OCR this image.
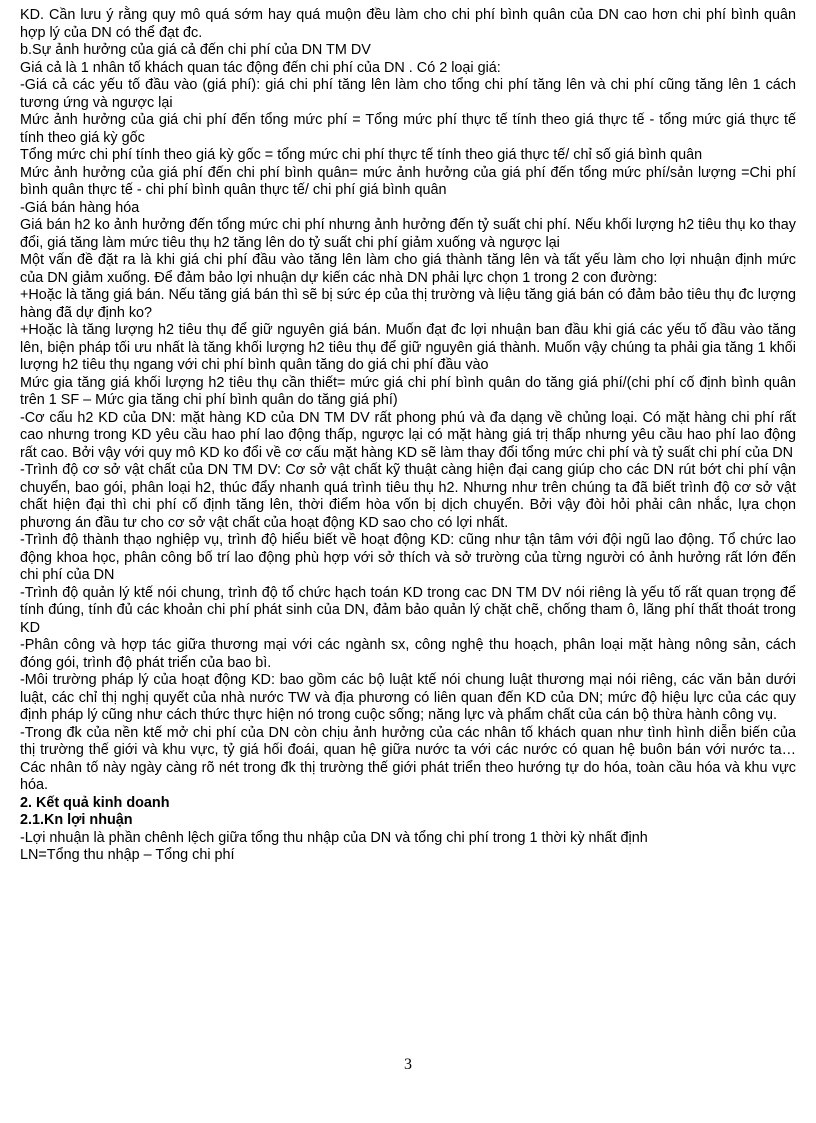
KD. Cần lưu ý rằng quy mô quá sớm hay quá muộn đều làm cho chi phí bình quân của DN cao hơn chi phí bình quân hợp lý của DN có thể đạt đc.

b.Sự ảnh hưởng của giá cả đến chi phí của DN TM DV

Giá cả là 1 nhân tố khách quan tác động đến chi phí của DN . Có 2 loại giá:

-Giá cả các yếu tố đầu vào (giá phí): giá chi phí tăng lên làm cho tổng chi phí tăng lên và chi phí cũng tăng lên 1 cách tương ứng và ngược lại

Mức ảnh hưởng của giá chi phí đến tổng mức phí = Tổng mức phí thực tế tính theo giá thực tế - tổng mức giá thực tế tính theo giá kỳ gốc

Tổng mức chi phí tính theo giá kỳ gốc = tổng mức chi phí thực tế tính theo giá thực tế/ chỉ số giá bình quân

Mức ảnh hưởng của giá phí đến chi phí bình quân= mức ảnh hưởng của giá phí đến tổng mức phí/sản lượng =Chi phí bình quân thực tế - chi phí bình quân thực tế/ chi phí giá bình quân

-Giá bán hàng hóa

Giá bán h2 ko ảnh hưởng đến tổng mức chi phí nhưng ảnh hưởng đến tỷ suất chi phí. Nếu khối lượng h2 tiêu thụ ko thay đổi, giá tăng làm mức tiêu thụ h2 tăng lên do tỷ suất chi phí giảm xuống và ngược lại

Một vấn đề đặt ra là khi giá chi phí đầu vào tăng lên làm cho giá thành tăng lên và tất yếu làm cho lợi nhuận định mức của DN giảm xuống. Để đảm bảo lợi nhuận dự kiến các nhà DN phải lực chọn 1 trong 2 con đường:

+Hoặc là tăng giá bán. Nếu tăng giá bán thì sẽ bị sức ép của thị trường và liệu tăng giá bán có đảm bảo tiêu thụ đc lượng hàng đã dự định ko?

+Hoặc là tăng lượng h2 tiêu thụ để giữ nguyên giá bán. Muốn đạt đc lợi nhuận ban đầu khi giá các yếu tố đầu vào tăng lên, biện pháp tối ưu nhất là tăng khối lượng h2 tiêu thụ để giữ nguyên giá thành. Muốn vậy chúng ta phải gia tăng 1 khối lượng h2 tiêu thụ ngang với chi phí bình quân tăng do giá chi phí đầu vào

Mức gia tăng giá khối lượng h2 tiêu thụ cần thiết= mức giá chi phí bình quân do tăng giá phí/(chi phí cố định bình quân trên 1 SF – Mức gia tăng chi phí bình quân do tăng giá phí)

-Cơ cấu h2 KD của DN: mặt hàng KD của DN TM DV rất phong phú và đa dạng về chủng loại. Có mặt hàng chi phí rất cao nhưng trong KD yêu cầu hao phí lao động thấp, ngược lại có mặt hàng giá trị thấp nhưng yêu cầu hao phí lao động rất cao. Bởi vậy với quy mô KD ko đổi về cơ cấu mặt hàng KD sẽ làm thay đổi tổng mức chi phí và tỷ suất chi phí của DN

-Trình độ cơ sở vật chất của DN TM DV: Cơ sở vật chất kỹ thuật càng hiện đại cang giúp cho các DN rút bớt chi phí vận chuyển, bao gói, phân loại h2, thúc đẩy nhanh quá trình tiêu thụ h2. Nhưng như trên chúng ta đã biết trình độ cơ sở vật chất hiện đại thì chi phí cố định tăng lên, thời điểm hòa vốn bị dịch chuyển. Bởi vậy đòi hỏi phải cân nhắc, lựa chọn phương án đầu tư cho cơ sở vật chất của hoạt động KD sao cho có lợi nhất.

-Trình độ thành thạo nghiệp vụ, trình độ hiểu biết về hoạt động KD: cũng như tận tâm với đội ngũ lao động. Tổ chức lao động khoa học, phân công bố trí lao động phù hợp với sở thích và sở trường của từng người có ảnh hưởng rất lớn đến chi phí của DN

-Trình độ quản lý ktế nói chung, trình độ tổ chức hạch toán KD trong cac DN TM DV nói riêng là yếu tố rất quan trọng để tính đúng, tính đủ các khoản chi phí phát sinh của DN, đảm bảo quản lý chặt chẽ, chống tham ô, lãng phí thất thoát trong KD

-Phân công và hợp tác giữa thương mại với các ngành sx, công nghệ thu hoạch, phân loại mặt hàng nông sản, cách đóng gói, trình độ phát triển của bao bì.

-Môi trường pháp lý của hoạt động KD: bao gồm các bộ luật ktế nói chung luật thương mại nói riêng, các văn bản dưới luật, các chỉ thị nghị quyết của nhà nước TW và địa phương có liên quan đến KD của DN; mức độ hiệu lực của các quy định pháp lý cũng như cách thức thực hiện nó trong cuộc sống; năng lực và phẩm chất của cán bộ thừa hành công vụ.

-Trong đk của nền ktế mở chi phí của DN còn chịu ảnh hưởng của các nhân tố khách quan như tình hình diễn biến của thị trường thế giới và khu vực, tỷ giá hối đoái, quan hệ giữa nước ta với các nước có quan hệ buôn bán với nước ta… Các nhân tố này ngày càng rõ nét trong đk thị trường thế giới phát triển theo hướng tự do hóa, toàn cầu hóa và khu vực hóa.

2. Kết quả kinh doanh

2.1.Kn lợi nhuận

-Lợi nhuận là phần chênh lệch giữa tổng thu nhập của DN và tổng chi phí trong 1 thời kỳ nhất định

LN=Tổng thu nhập – Tổng chi phí

3
